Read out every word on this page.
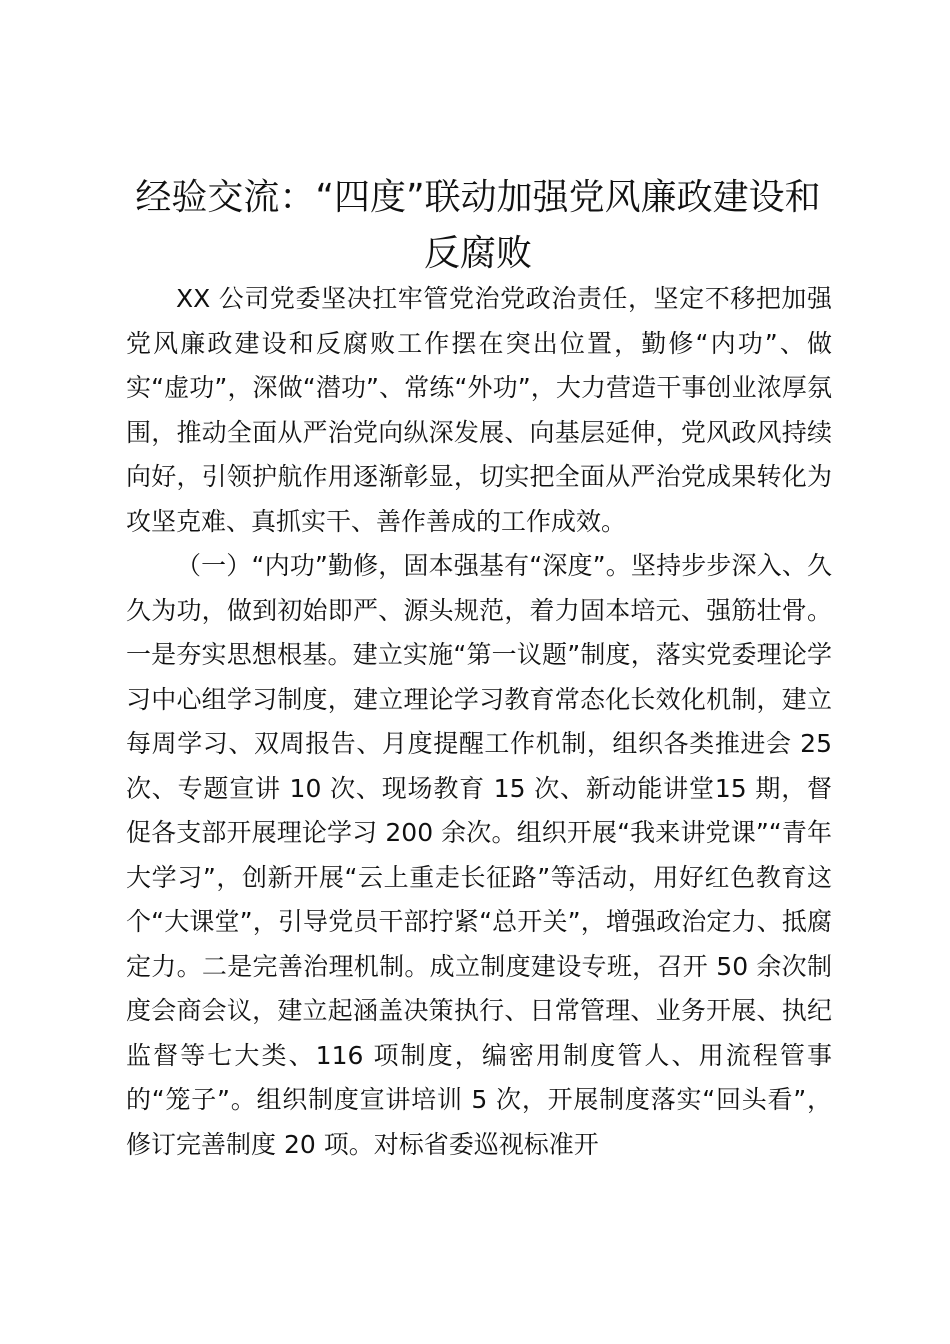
经验交流：“四度”联动加强党风廉政建设和反腐败

XX 公司党委坚决扛牢管党治党政治责任，坚定不移把加强党风廉政建设和反腐败工作摆在突出位置，勤修“内功”、做实“虚功”，深做“潜功”、常练“外功”，大力营造干事创业浓厚氛围，推动全面从严治党向纵深发展、向基层延伸，党风政风持续向好，引领护航作用逐渐彰显，切实把全面从严治党成果转化为攻坚克难、真抓实干、善作善成的工作成效。

（一）“内功”勤修，固本强基有“深度”。坚持步步深入、久久为功，做到初始即严、源头规范，着力固本培元、强筋壮骨。一是夯实思想根基。建立实施“第一议题”制度，落实党委理论学习中心组学习制度，建立理论学习教育常态化长效化机制，建立每周学习、双周报告、月度提醒工作机制，组织各类推进会 25 次、专题宣讲 10 次、现场教育 15 次、新动能讲堂15 期，督促各支部开展理论学习 200 余次。组织开展“我来讲党课”“青年大学习”，创新开展“云上重走长征路”等活动，用好红色教育这个“大课堂”，引导党员干部拧紧“总开关”，增强政治定力、抵腐定力。二是完善治理机制。成立制度建设专班，召开 50 余次制度会商会议，建立起涵盖决策执行、日常管理、业务开展、执纪监督等七大类、116 项制度，编密用制度管人、用流程管事的“笼子”。组织制度宣讲培训 5 次，开展制度落实“回头看”，修订完善制度 20 项。对标省委巡视标准开
